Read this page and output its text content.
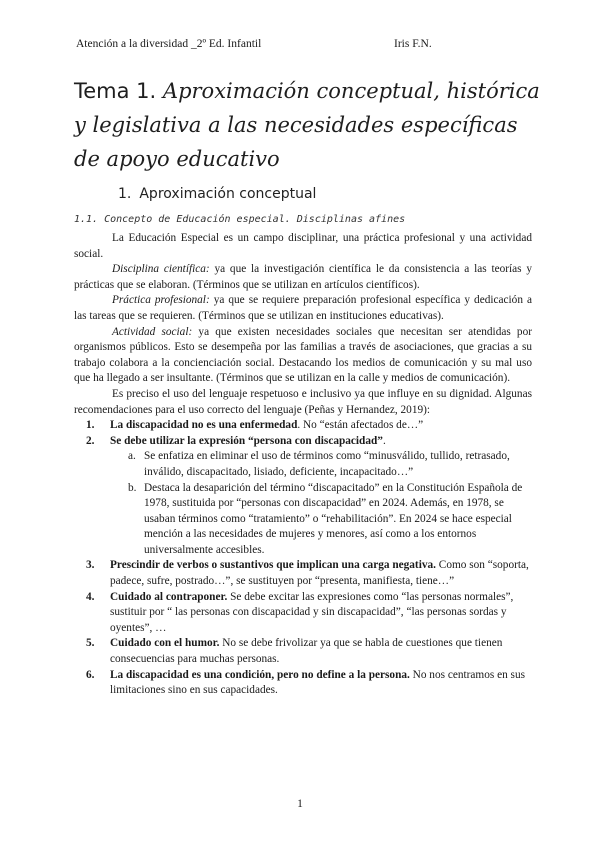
Atención a la diversidad _2º Ed. Infantil	Iris F.N.
Tema 1. Aproximación conceptual, histórica y legislativa a las necesidades específicas de apoyo educativo
1. Aproximación conceptual
1.1. Concepto de Educación especial. Disciplinas afines

La Educación Especial es un campo disciplinar, una práctica profesional y una actividad social.

Disciplina científica: ya que la investigación científica le da consistencia a las teorías y prácticas que se elaboran. (Términos que se utilizan en artículos científicos).

Práctica profesional: ya que se requiere preparación profesional específica y dedicación a las tareas que se requieren. (Términos que se utilizan en instituciones educativas).

Actividad social: ya que existen necesidades sociales que necesitan ser atendidas por organismos públicos. Esto se desempeña por las familias a través de asociaciones, que gracias a su trabajo colabora a la concienciación social. Destacando los medios de comunicación y su mal uso que ha llegado a ser insultante. (Términos que se utilizan en la calle y medios de comunicación).

Es preciso el uso del lenguaje respetuoso e inclusivo ya que influye en su dignidad. Algunas recomendaciones para el uso correcto del lenguaje (Peñas y Hernandez, 2019):

1. La discapacidad no es una enfermedad. No “están afectados de…”
2. Se debe utilizar la expresión “persona con discapacidad”.
a. Se enfatiza en eliminar el uso de términos como “minusválido, tullido, retrasado, inválido, discapacitado, lisiado, deficiente, incapacitado…”
b. Destaca la desaparición del término “discapacitado” en la Constitución Española de 1978, sustituida por “personas con discapacidad” en 2024. Además, en 1978, se usaban términos como “tratamiento” o “rehabilitación”. En 2024 se hace especial mención a las necesidades de mujeres y menores, así como a los entornos universalmente accesibles.
3. Prescindir de verbos o sustantivos que implican una carga negativa. Como son “soporta, padece, sufre, postrado…”, se sustituyen por “presenta, manifiesta, tiene…”
4. Cuidado al contraponer. Se debe excitar las expresiones como “las personas normales”, sustituir por “ las personas con discapacidad y sin discapacidad”, “las personas sordas y oyentes”, …
5. Cuidado con el humor. No se debe frivolizar ya que se habla de cuestiones que tienen consecuencias para muchas personas.
6. La discapacidad es una condición, pero no define a la persona. No nos centramos en sus limitaciones sino en sus capacidades.
1
